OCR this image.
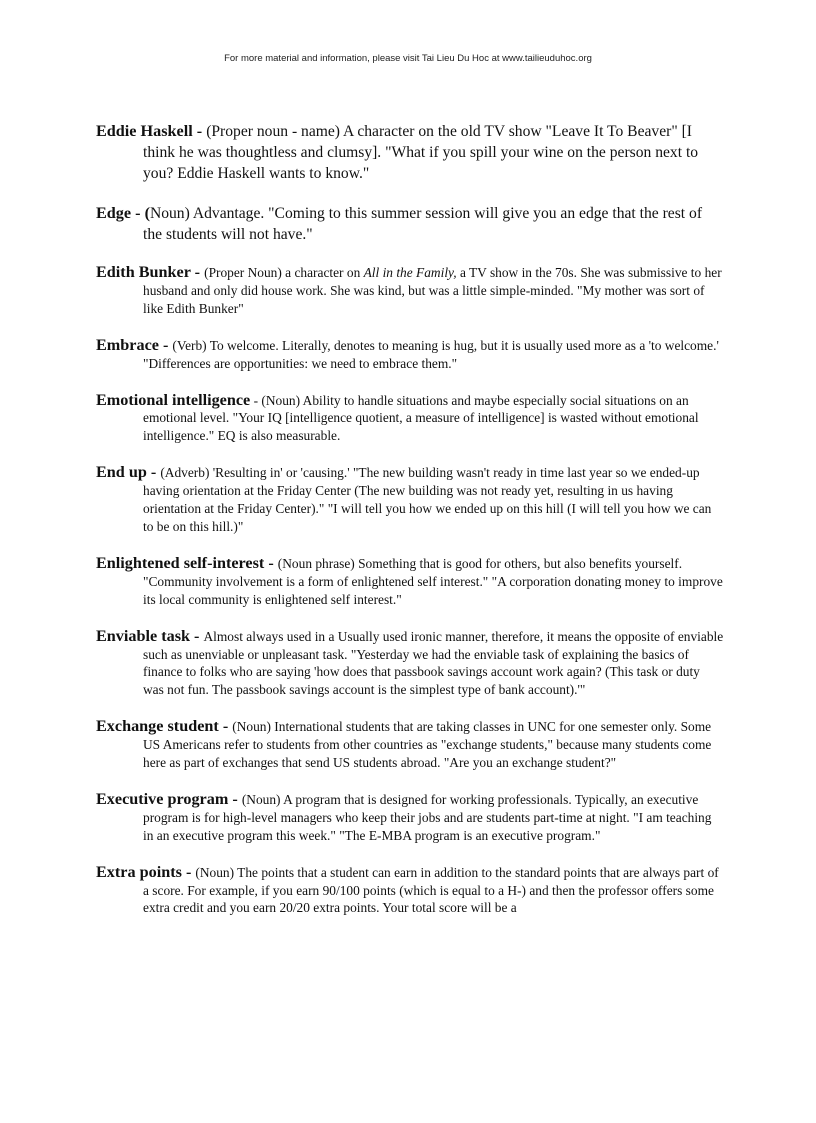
For more material and information, please visit Tai Lieu Du Hoc at www.tailieuduhoc.org

Eddie Haskell - (Proper noun - name) A character on the old TV show "Leave It To Beaver" [I think he was thoughtless and clumsy]. "What if you spill your wine on the person next to you? Eddie Haskell wants to know."

Edge - (Noun) Advantage. "Coming to this summer session will give you an edge that the rest of the students will not have."

Edith Bunker - (Proper Noun) a character on All in the Family, a TV show in the 70s. She was submissive to her husband and only did house work. She was kind, but was a little simple-minded. "My mother was sort of like Edith Bunker"

Embrace - (Verb) To welcome. Literally, denotes to meaning is hug, but it is usually used more as a 'to welcome.' "Differences are opportunities: we need to embrace them."

Emotional intelligence - (Noun) Ability to handle situations and maybe especially social situations on an emotional level. "Your IQ [intelligence quotient, a measure of intelligence] is wasted without emotional intelligence." EQ is also measurable.

End up - (Adverb) 'Resulting in' or 'causing.' "The new building wasn't ready in time last year so we ended-up having orientation at the Friday Center (The new building was not ready yet, resulting in us having orientation at the Friday Center)." "I will tell you how we ended up on this hill (I will tell you how we can to be on this hill.)"

Enlightened self-interest - (Noun phrase) Something that is good for others, but also benefits yourself. "Community involvement is a form of enlightened self interest." "A corporation donating money to improve its local community is enlightened self interest."

Enviable task - Almost always used in a Usually used ironic manner, therefore, it means the opposite of enviable such as unenviable or unpleasant task. "Yesterday we had the enviable task of explaining the basics of finance to folks who are saying 'how does that passbook savings account work again? (This task or duty was not fun. The passbook savings account is the simplest type of bank account).'"

Exchange student - (Noun) International students that are taking classes in UNC for one semester only. Some US Americans refer to students from other countries as "exchange students," because many students come here as part of exchanges that send US students abroad. "Are you an exchange student?"

Executive program - (Noun) A program that is designed for working professionals. Typically, an executive program is for high-level managers who keep their jobs and are students part-time at night. "I am teaching in an executive program this week." "The E-MBA program is an executive program."

Extra points - (Noun) The points that a student can earn in addition to the standard points that are always part of a score. For example, if you earn 90/100 points (which is equal to a H-) and then the professor offers some extra credit and you earn 20/20 extra points. Your total score will be a
